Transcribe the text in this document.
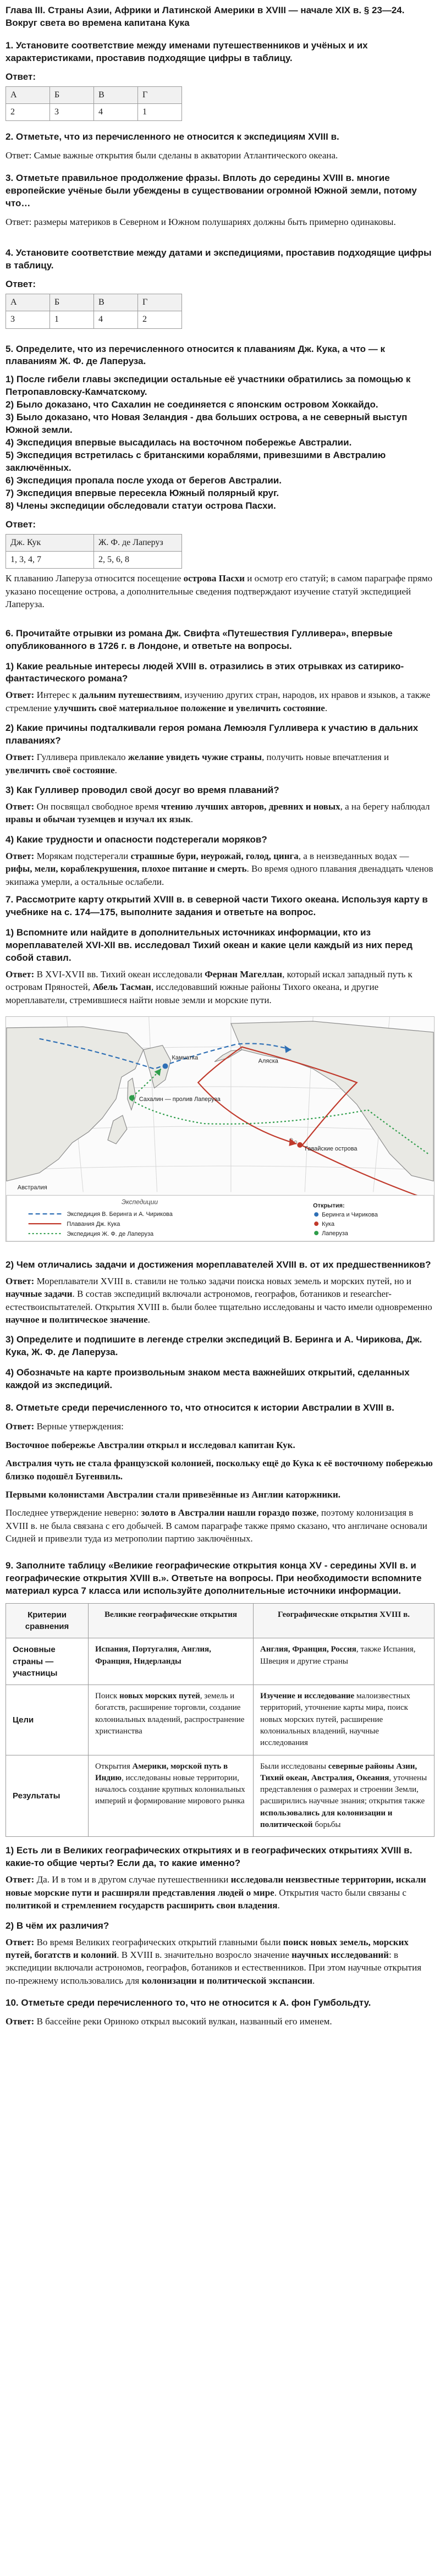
Глава III. Страны Азии, Африки и Латинской Америки в XVIII — начале XIX в. § 23—24. Вокруг света во времена капитана Кука
1. Установите соответствие между именами путешественников и учёных и их характеристиками, проставив подходящие цифры в таблицу.
Ответ:
А	Б	В	Г
2	3	4	1
2. Отметьте, что из перечисленного не относится к экспедициям XVIII в.

Ответ: Самые важные открытия были сделаны в акватории Атлантического океана.

3. Отметьте правильное продолжение фразы. Вплоть до середины XVIII в. многие европейские учёные были убеждены в существовании огромной Южной земли, потому что…

Ответ: размеры материков в Северном и Южном полушариях должны быть примерно одинаковы.

4. Установите соответствие между датами и экспедициями, проставив подходящие цифры в таблицу.
Ответ:
А	Б	В	Г
3	1	4	2
5. Определите, что из перечисленного относится к плаваниям Дж. Кука, а что — к плаваниям Ж. Ф. де Лаперуза.
1) После гибели главы экспедиции остальные её участники обратились за помощью к Петропавловску-Камчатскому.
2) Было доказано, что Сахалин не соединяется с японским островом Хоккайдо.
3) Было доказано, что Новая Зеландия - два больших острова, а не северный выступ Южной земли.
4) Экспедиция впервые высадилась на восточном побережье Австралии.
5) Экспедиция встретилась с британскими кораблями, привезшими в Австралию заключённых.
6) Экспедиция пропала после ухода от берегов Австралии.
7) Экспедиция впервые пересекла Южный полярный круг.
8) Члены экспедиции обследовали статуи острова Пасхи.
Ответ:
Дж. Кук	Ж. Ф. де Лаперуз
1, 3, 4, 7	2, 5, 6, 8

К плаванию Лаперуза относится посещение острова Пасхи и осмотр его статуй; в самом параграфе прямо указано посещение острова, а дополнительные сведения подтверждают изучение статуй экспедицией Лаперуза.

6. Прочитайте отрывки из романа Дж. Свифта «Путешествия Гулливера», впервые опубликованного в 1726 г. в Лондоне, и ответьте на вопросы.
1) Какие реальные интересы людей XVIII в. отразились в этих отрывках из сатирико-фантастического романа?

Ответ: Интерес к дальним путешествиям, изучению других стран, народов, их нравов и языков, а также стремление улучшить своё материальное положение и увеличить состояние.

2) Какие причины подталкивали героя романа Лемюэля Гулливера к участию в дальних плаваниях?

Ответ: Гулливера привлекало желание увидеть чужие страны, получить новые впечатления и увеличить своё состояние.

3) Как Гулливер проводил свой досуг во время плаваний?

Ответ: Он посвящал свободное время чтению лучших авторов, древних и новых, а на берегу наблюдал нравы и обычаи туземцев и изучал их язык.

4) Какие трудности и опасности подстерегали моряков?

Ответ: Морякам подстерегали страшные бури, неурожай, голод, цинга, а в неизведанных водах — рифы, мели, кораблекрушения, плохое питание и смерть. Во время одного плавания двенадцать членов экипажа умерли, а остальные ослабели.

7. Рассмотрите карту открытий XVIII в. в северной части Тихого океана. Используя карту в учебнике на с. 174—175, выполните задания и ответьте на вопрос.
1) Вспомните или найдите в дополнительных источниках информации, кто из мореплавателей XVI-XII вв. исследовал Тихий океан и какие цели каждый из них перед собой ставил.

Ответ: В XVI-XVII вв. Тихий океан исследовали Фернан Магеллан, который искал западный путь к островам Пряностей, Абель Тасман, исследовавший южные районы Тихого океана, и другие мореплаватели, стремившиеся найти новые земли и морские пути.

Камчатка	Аляска
Сахалин — пролив Лаперуза
Гавайские острова
Австралия
Экспедиции
Экспедиция В. Беринга и А. Чирикова
Плавания Дж. Кука
Экспедиция Ж. Ф. де Лаперуза
Открытия:
Беринга и Чирикова
Кука
Лаперуза
2) Чем отличались задачи и достижения мореплавателей XVIII в. от их предшественников?

Ответ: Мореплаватели XVIII в. ставили не только задачи поиска новых земель и морских путей, но и научные задачи. В состав экспедиций включали астрономов, географов, ботаников и researcher-естествоиспытателей. Открытия XVIII в. были более тщательно исследованы и часто имели одновременно научное и политическое значение.

3) Определите и подпишите в легенде стрелки экспедиций В. Беринга и А. Чирикова, Дж. Кука, Ж. Ф. де Лаперуза.
4) Обозначьте на карте произвольным знаком места важнейших открытий, сделанных каждой из экспедиций.
8. Отметьте среди перечисленного то, что относится к истории Австралии в XVIII в.

Ответ: Верные утверждения:

Восточное побережье Австралии открыл и исследовал капитан Кук.

Австралия чуть не стала французской колонией, поскольку ещё до Кука к её восточному побережью близко подошёл Бугенвиль.

Первыми колонистами Австралии стали привезённые из Англии каторжники.

Последнее утверждение неверно: золото в Австралии нашли гораздо позже, поэтому колонизация в XVIII в. не была связана с его добычей. В самом параграфе также прямо сказано, что англичане основали Сидней и привезли туда из метрополии партию заключённых.

9. Заполните таблицу «Великие географические открытия конца XV - середины XVII в. и географические открытия XVIII в.». Ответьте на вопросы. При необходимости вспомните материал курса 7 класса или используйте дополнительные источники информации.
Критерии сравнения	Великие географические открытия	Географические открытия XVIII в.
Основные страны — участницы	Испания, Португалия, Англия, Франция, Нидерланды	Англия, Франция, Россия, также Испания, Швеция и другие страны
Цели	Поиск новых морских путей, земель и богатств, расширение торговли, создание колониальных владений, распространение христианства	Изучение и исследование малоизвестных территорий, уточнение карты мира, поиск новых морских путей, расширение колониальных владений, научные исследования
Результаты	Открытия Америки, морской путь в Индию, исследованы новые территории, началось создание крупных колониальных империй и формирование мирового рынка	Были исследованы северные районы Азии, Тихий океан, Австралия, Океания, уточнены представления о размерах и строении Земли, расширились научные знания; открытия также использовались для колонизации и политической борьбы
1) Есть ли в Великих географических открытиях и в географических открытиях XVIII в. какие-то общие черты? Если да, то какие именно?

Ответ: Да. И в том и в другом случае путешественники исследовали неизвестные территории, искали новые морские пути и расширяли представления людей о мире. Открытия часто были связаны с политикой и стремлением государств расширить свои владения.

2) В чём их различия?

Ответ: Во время Великих географических открытий главными были поиск новых земель, морских путей, богатств и колоний. В XVIII в. значительно возросло значение научных исследований: в экспедиции включали астрономов, географов, ботаников и естественников. При этом научные открытия по-прежнему использовались для колонизации и политической экспансии.

10. Отметьте среди перечисленного то, что не относится к А. фон Гумбольдту.

Ответ: В бассейне реки Ориноко открыл высокий вулкан, названный его именем.
